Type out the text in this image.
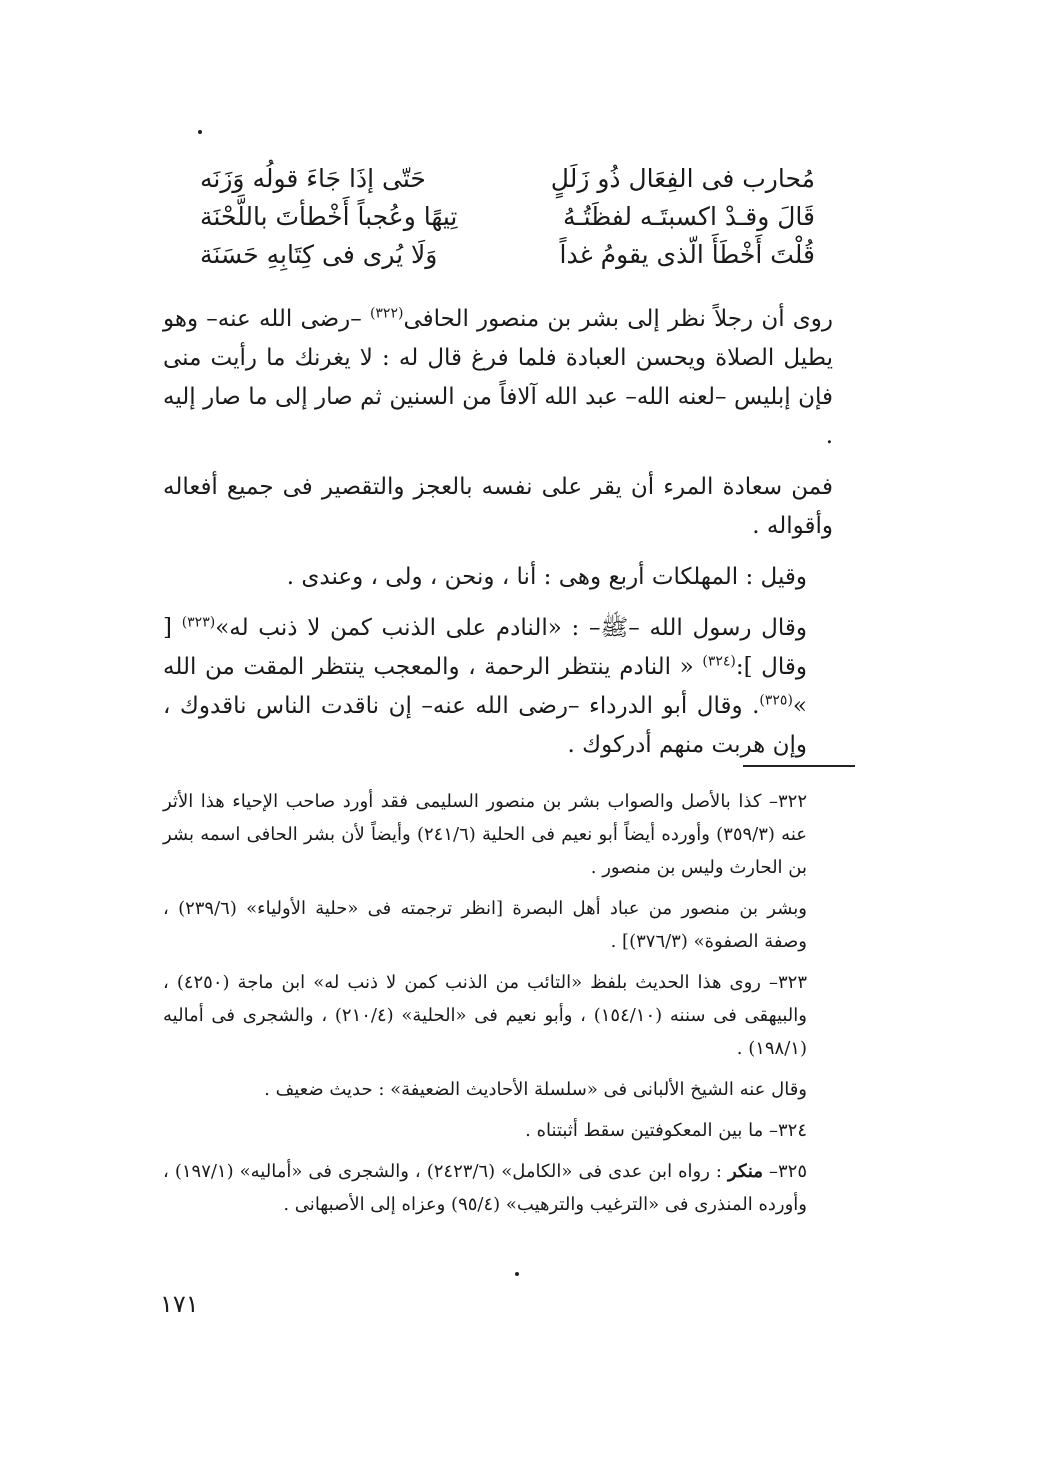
مُحارب فى الفِعَال ذُو زَلَلٍ
حَتّى إذَا جَاءَ قولُه وَزَنَه
قَالَ وقـدْ اكسبتَـه لفظَتُـهُ
تِيهًا وعُجباً أَخْطأتَ باللَّحْنَة
قُلْتَ أَخْطَأَ الّذى يقومُ غداً
وَلَا يُرى فى كِتَابِهِ حَسَنَة

روى أن رجلاً نظر إلى بشر بن منصور الحافى$^{(٣٢٢)}$ –رضى الله عنه– وهو يطيل الصلاة ويحسن العبادة فلما فرغ قال له : لا يغرنك ما رأيت منى فإن إبليس –لعنه الله– عبد الله آلافاً من السنين ثم صار إلى ما صار إليه .

فمن سعادة المرء أن يقر على نفسه بالعجز والتقصير فى جميع أفعاله وأقواله .

وقيل : المهلكات أربع وهى : أنا ، ونحن ، ولى ، وعندى .

وقال رسول الله –ﷺ– : «النادم على الذنب كمن لا ذنب له»$^{(٣٢٣)}$ [ وقال ]:$^{(٣٢٤)}$ « النادم ينتظر الرحمة ، والمعجب ينتظر المقت من الله »$^{(٣٢٥)}$. وقال أبو الدرداء –رضى الله عنه– إن ناقدت الناس ناقدوك ، وإن هربت منهم أدركوك .

٣٢٢– كذا بالأصل والصواب بشر بن منصور السليمى فقد أورد صاحب الإحياء هذا الأثر عنه (٣٥٩/٣) وأورده أيضاً أبو نعيم فى الحلية (٢٤١/٦) وأيضاً لأن بشر الحافى اسمه بشر بن الحارث وليس بن منصور .

وبشر بن منصور من عباد أهل البصرة [انظر ترجمته فى «حلية الأولياء» (٢٣٩/٦) ، وصفة الصفوة» (٣٧٦/٣)] .

٣٢٣– روى هذا الحديث بلفظ «التائب من الذنب كمن لا ذنب له» ابن ماجة (٤٢٥٠) ، والبيهقى فى سننه (١٥٤/١٠) ، وأبو نعيم فى «الحلية» (٢١٠/٤) ، والشجرى فى أماليه (١٩٨/١) .

وقال عنه الشيخ الألبانى فى «سلسلة الأحاديث الضعيفة» : حديث ضعيف .

٣٢٤– ما بين المعكوفتين سقط أثبتناه .

٣٢٥– منكر : رواه ابن عدى فى «الكامل» (٢٤٢٣/٦) ، والشجرى فى «أماليه» (١٩٧/١) ، وأورده المنذرى فى «الترغيب والترهيب» (٩٥/٤) وعزاه إلى الأصبهانى .

١٧١
